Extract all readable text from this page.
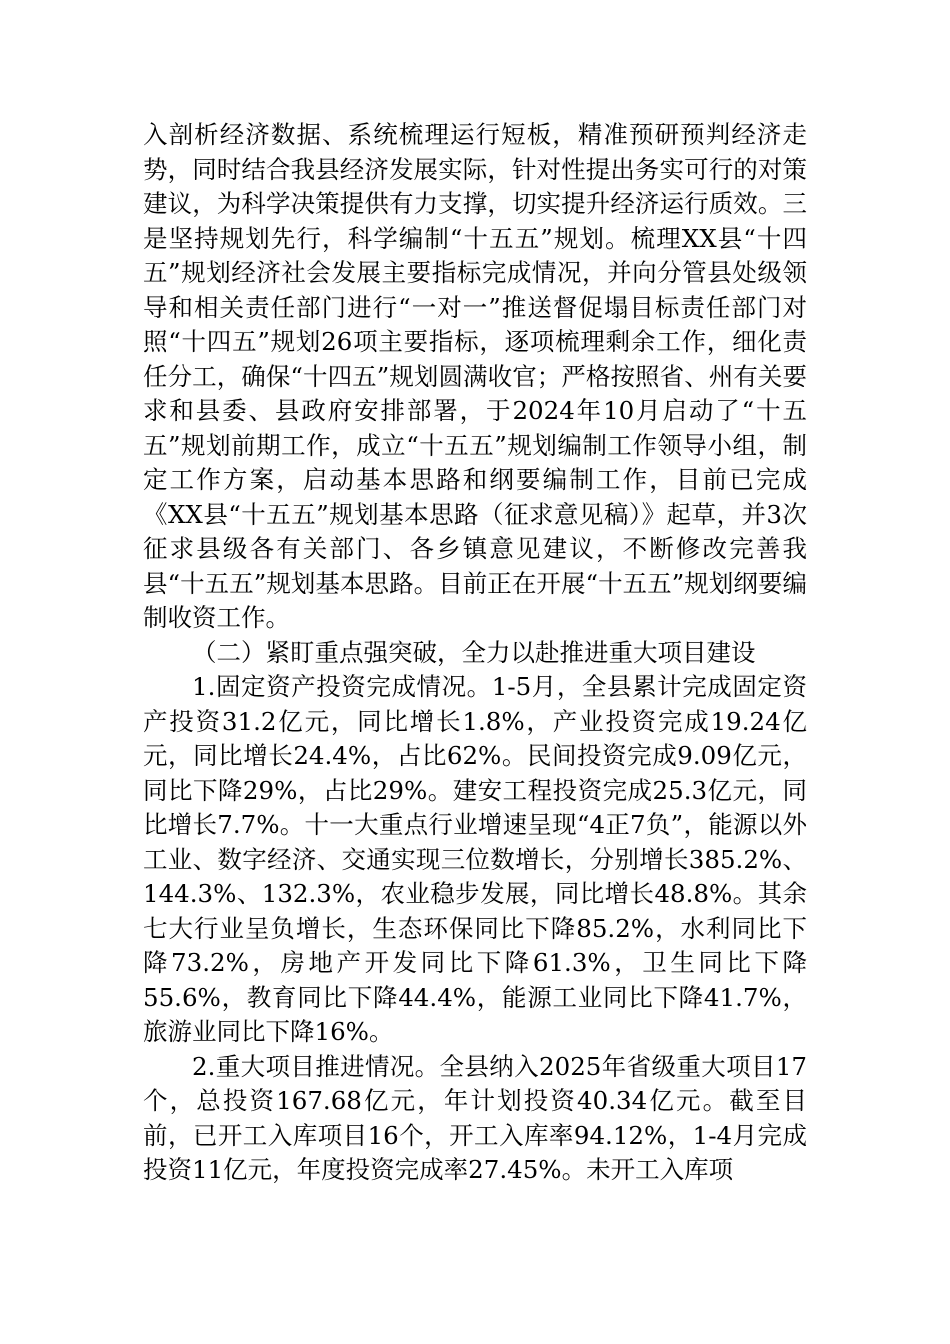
入剖析经济数据、系统梳理运行短板，精准预研预判经济走势，同时结合我县经济发展实际，针对性提出务实可行的对策建议，为科学决策提供有力支撑，切实提升经济运行质效。三是坚持规划先行，科学编制“十五五”规划。梳理XX县“十四五”规划经济社会发展主要指标完成情况，并向分管县处级领导和相关责任部门进行“一对一”推送督促塌目标责任部门对照“十四五”规划26项主要指标，逐项梳理剩余工作，细化责任分工，确保“十四五”规划圆满收官；严格按照省、州有关要求和县委、县政府安排部署，于2024年10月启动了“十五五”规划前期工作，成立“十五五”规划编制工作领导小组，制定工作方案，启动基本思路和纲要编制工作，目前已完成《XX县“十五五”规划基本思路（征求意见稿）》起草，并3次征求县级各有关部门、各乡镇意见建议，不断修改完善我县“十五五”规划基本思路。目前正在开展“十五五”规划纲要编制收资工作。

（二）紧盯重点强突破，全力以赴推进重大项目建设

1.固定资产投资完成情况。1-5月，全县累计完成固定资产投资31.2亿元，同比增长1.8%，产业投资完成19.24亿元，同比增长24.4%，占比62%。民间投资完成9.09亿元，同比下降29%，占比29%。建安工程投资完成25.3亿元，同比增长7.7%。十一大重点行业增速呈现“4正7负”，能源以外工业、数字经济、交通实现三位数增长，分别增长385.2%、144.3%、132.3%，农业稳步发展，同比增长48.8%。其余七大行业呈负增长，生态环保同比下降85.2%，水利同比下降73.2%，房地产开发同比下降61.3%，卫生同比下降55.6%，教育同比下降44.4%，能源工业同比下降41.7%，旅游业同比下降16%。

2.重大项目推进情况。全县纳入2025年省级重大项目17个，总投资167.68亿元，年计划投资40.34亿元。截至目前，已开工入库项目16个，开工入库率94.12%，1-4月完成投资11亿元，年度投资完成率27.45%。未开工入库项
